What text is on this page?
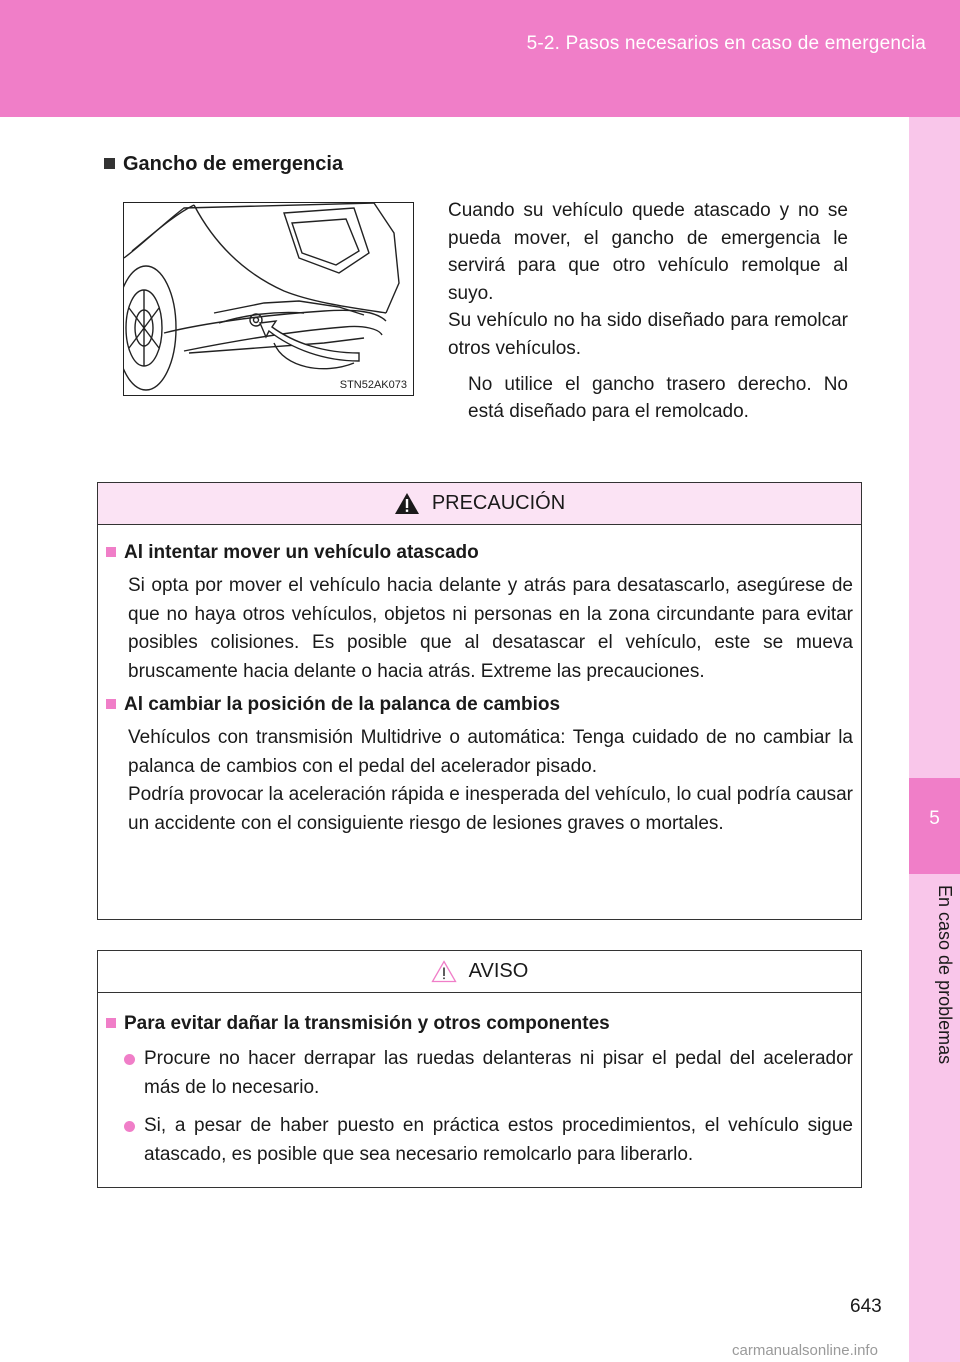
5-2. Pasos necesarios en caso de emergencia
5
En caso de problemas
Gancho de emergencia
STN52AK073

Cuando su vehículo quede atascado y no se pueda mover, el gancho de emergencia le servirá para que otro vehículo remolque al suyo.

Su vehículo no ha sido diseñado para remolcar otros vehículos.

No utilice el gancho trasero derecho. No está diseñado para el remolcado.
PRECAUCIÓN
Al intentar mover un vehículo atascado

Si opta por mover el vehículo hacia delante y atrás para desatascarlo, asegúrese de que no haya otros vehículos, objetos ni personas en la zona circundante para evitar posibles colisiones. Es posible que al desatascar el vehículo, este se mueva bruscamente hacia delante o hacia atrás. Extreme las precauciones.

Al cambiar la posición de la palanca de cambios

Vehículos con transmisión Multidrive o automática: Tenga cuidado de no cambiar la palanca de cambios con el pedal del acelerador pisado.

Podría provocar la aceleración rápida e inesperada del vehículo, lo cual podría causar un accidente con el consiguiente riesgo de lesiones graves o mortales.

AVISO
Para evitar dañar la transmisión y otros componentes
Procure no hacer derrapar las ruedas delanteras ni pisar el pedal del acelerador más de lo necesario.
Si, a pesar de haber puesto en práctica estos procedimientos, el vehículo sigue atascado, es posible que sea necesario remolcarlo para liberarlo.
643
carmanualsonline.info
